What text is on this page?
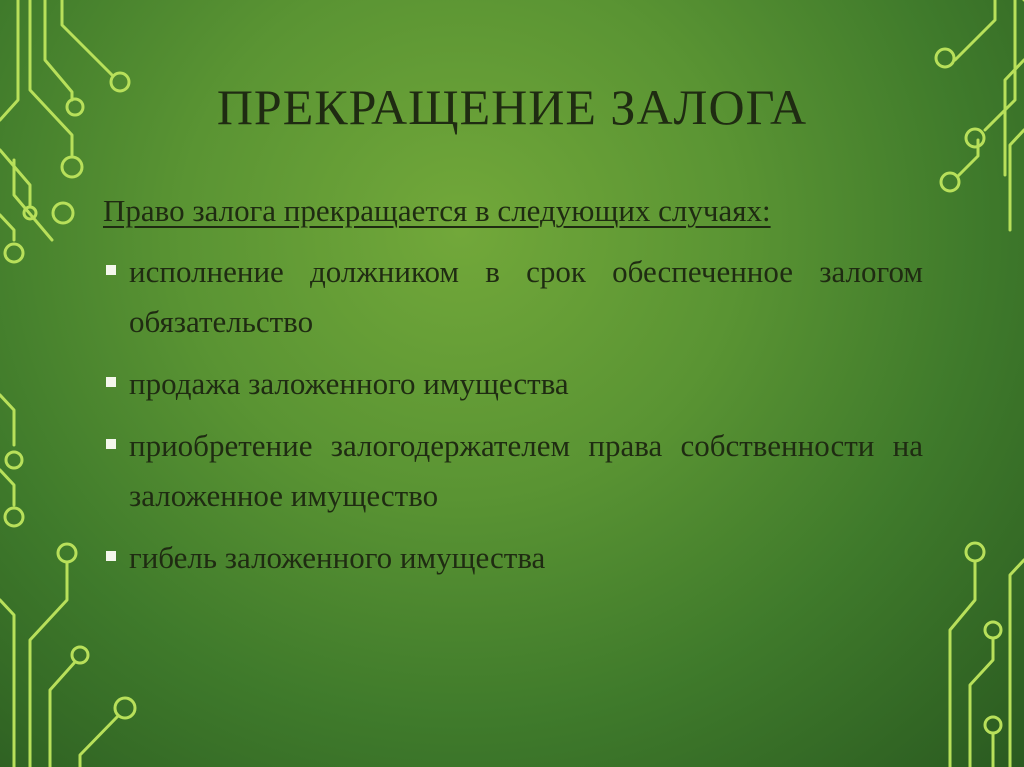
ПРЕКРАЩЕНИЕ ЗАЛОГА

Право залога прекращается в следующих случаях:

исполнение должником в срок обеспеченное залогом обязательство
продажа заложенного имущества
приобретение залогодержателем права собственности на заложенное имущество
гибель заложенного имущества
